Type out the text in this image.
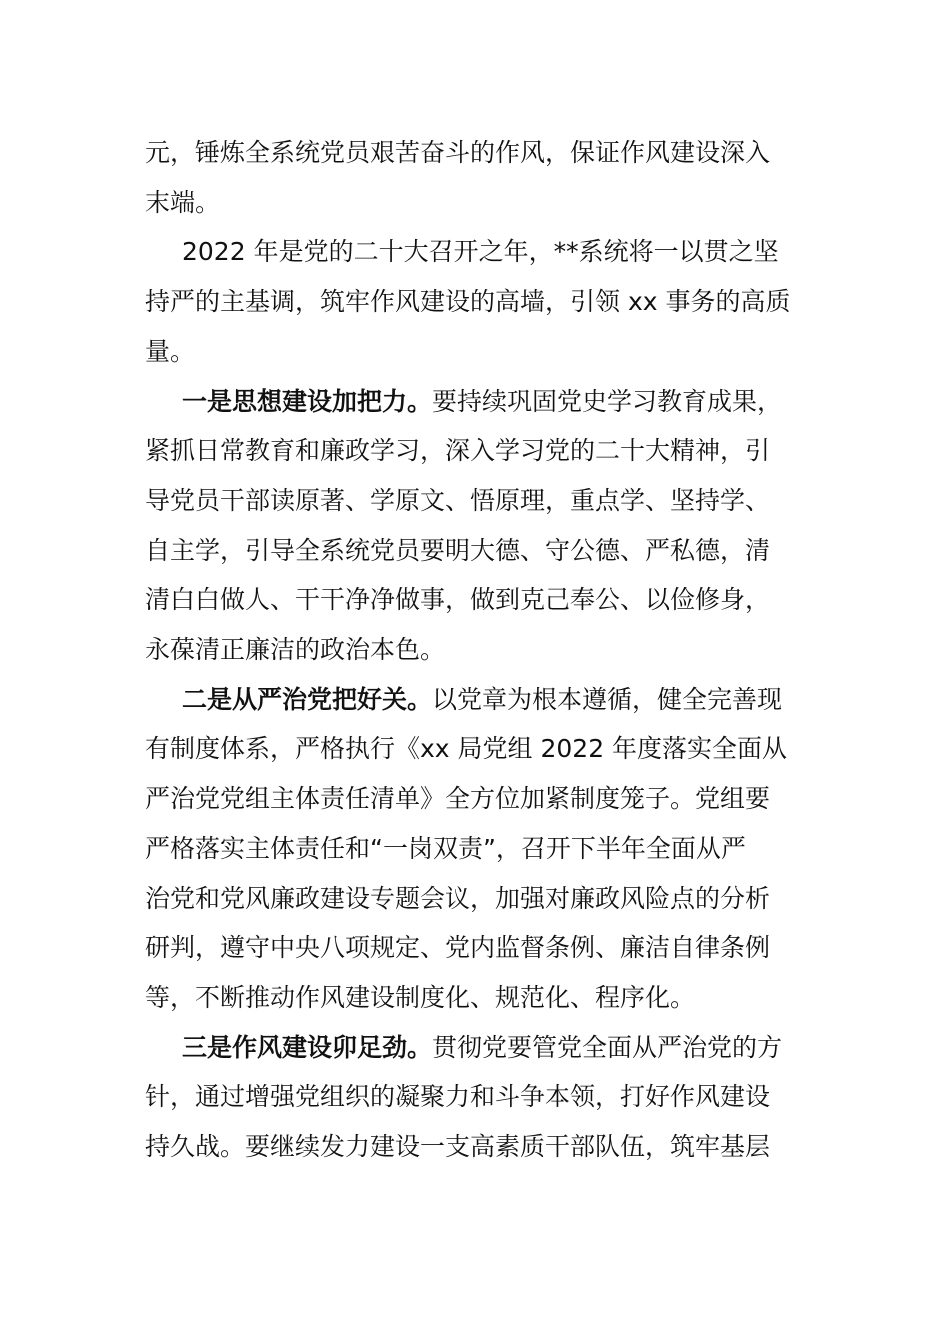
元，锤炼全系统党员艰苦奋斗的作风，保证作风建设深入
末端。

2022 年是党的二十大召开之年，**系统将一以贯之坚
持严的主基调，筑牢作风建设的高墙，引领 xx 事务的高质
量。

一是思想建设加把力。要持续巩固党史学习教育成果，
紧抓日常教育和廉政学习，深入学习党的二十大精神，引
导党员干部读原著、学原文、悟原理，重点学、坚持学、
自主学，引导全系统党员要明大德、守公德、严私德，清
清白白做人、干干净净做事，做到克己奉公、以俭修身，
永葆清正廉洁的政治本色。

二是从严治党把好关。以党章为根本遵循，健全完善现
有制度体系，严格执行《xx 局党组 2022 年度落实全面从
严治党党组主体责任清单》全方位加紧制度笼子。党组要
严格落实主体责任和“一岗双责”，召开下半年全面从严
治党和党风廉政建设专题会议，加强对廉政风险点的分析
研判，遵守中央八项规定、党内监督条例、廉洁自律条例
等，不断推动作风建设制度化、规范化、程序化。

三是作风建设卯足劲。贯彻党要管党全面从严治党的方
针，通过增强党组织的凝聚力和斗争本领，打好作风建设
持久战。要继续发力建设一支高素质干部队伍，筑牢基层
